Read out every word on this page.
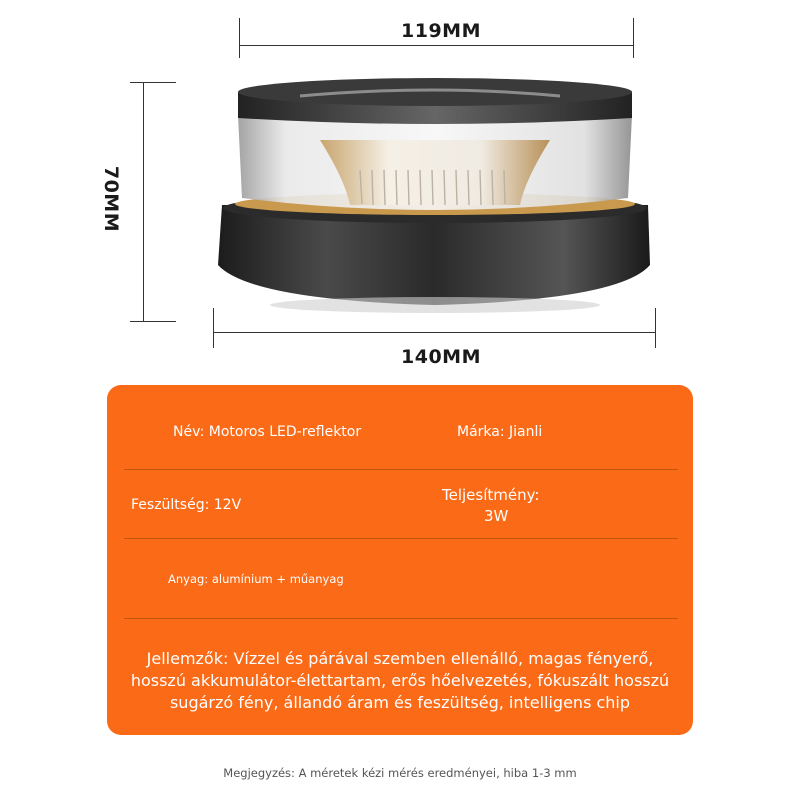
119MM
70MM
140MM
Név: Motoros LED-reflektor	Márka: Jianli
Feszültség: 12V
Teljesítmény:
3W
Anyag: alumínium + műanyag
Jellemzők: Vízzel és párával szemben ellenálló, magas fényerő, hosszú akkumulátor-élettartam, erős hőelvezetés, fókuszált hosszú sugárzó fény, állandó áram és feszültség, intelligens chip
Megjegyzés: A méretek kézi mérés eredményei, hiba 1-3 mm
